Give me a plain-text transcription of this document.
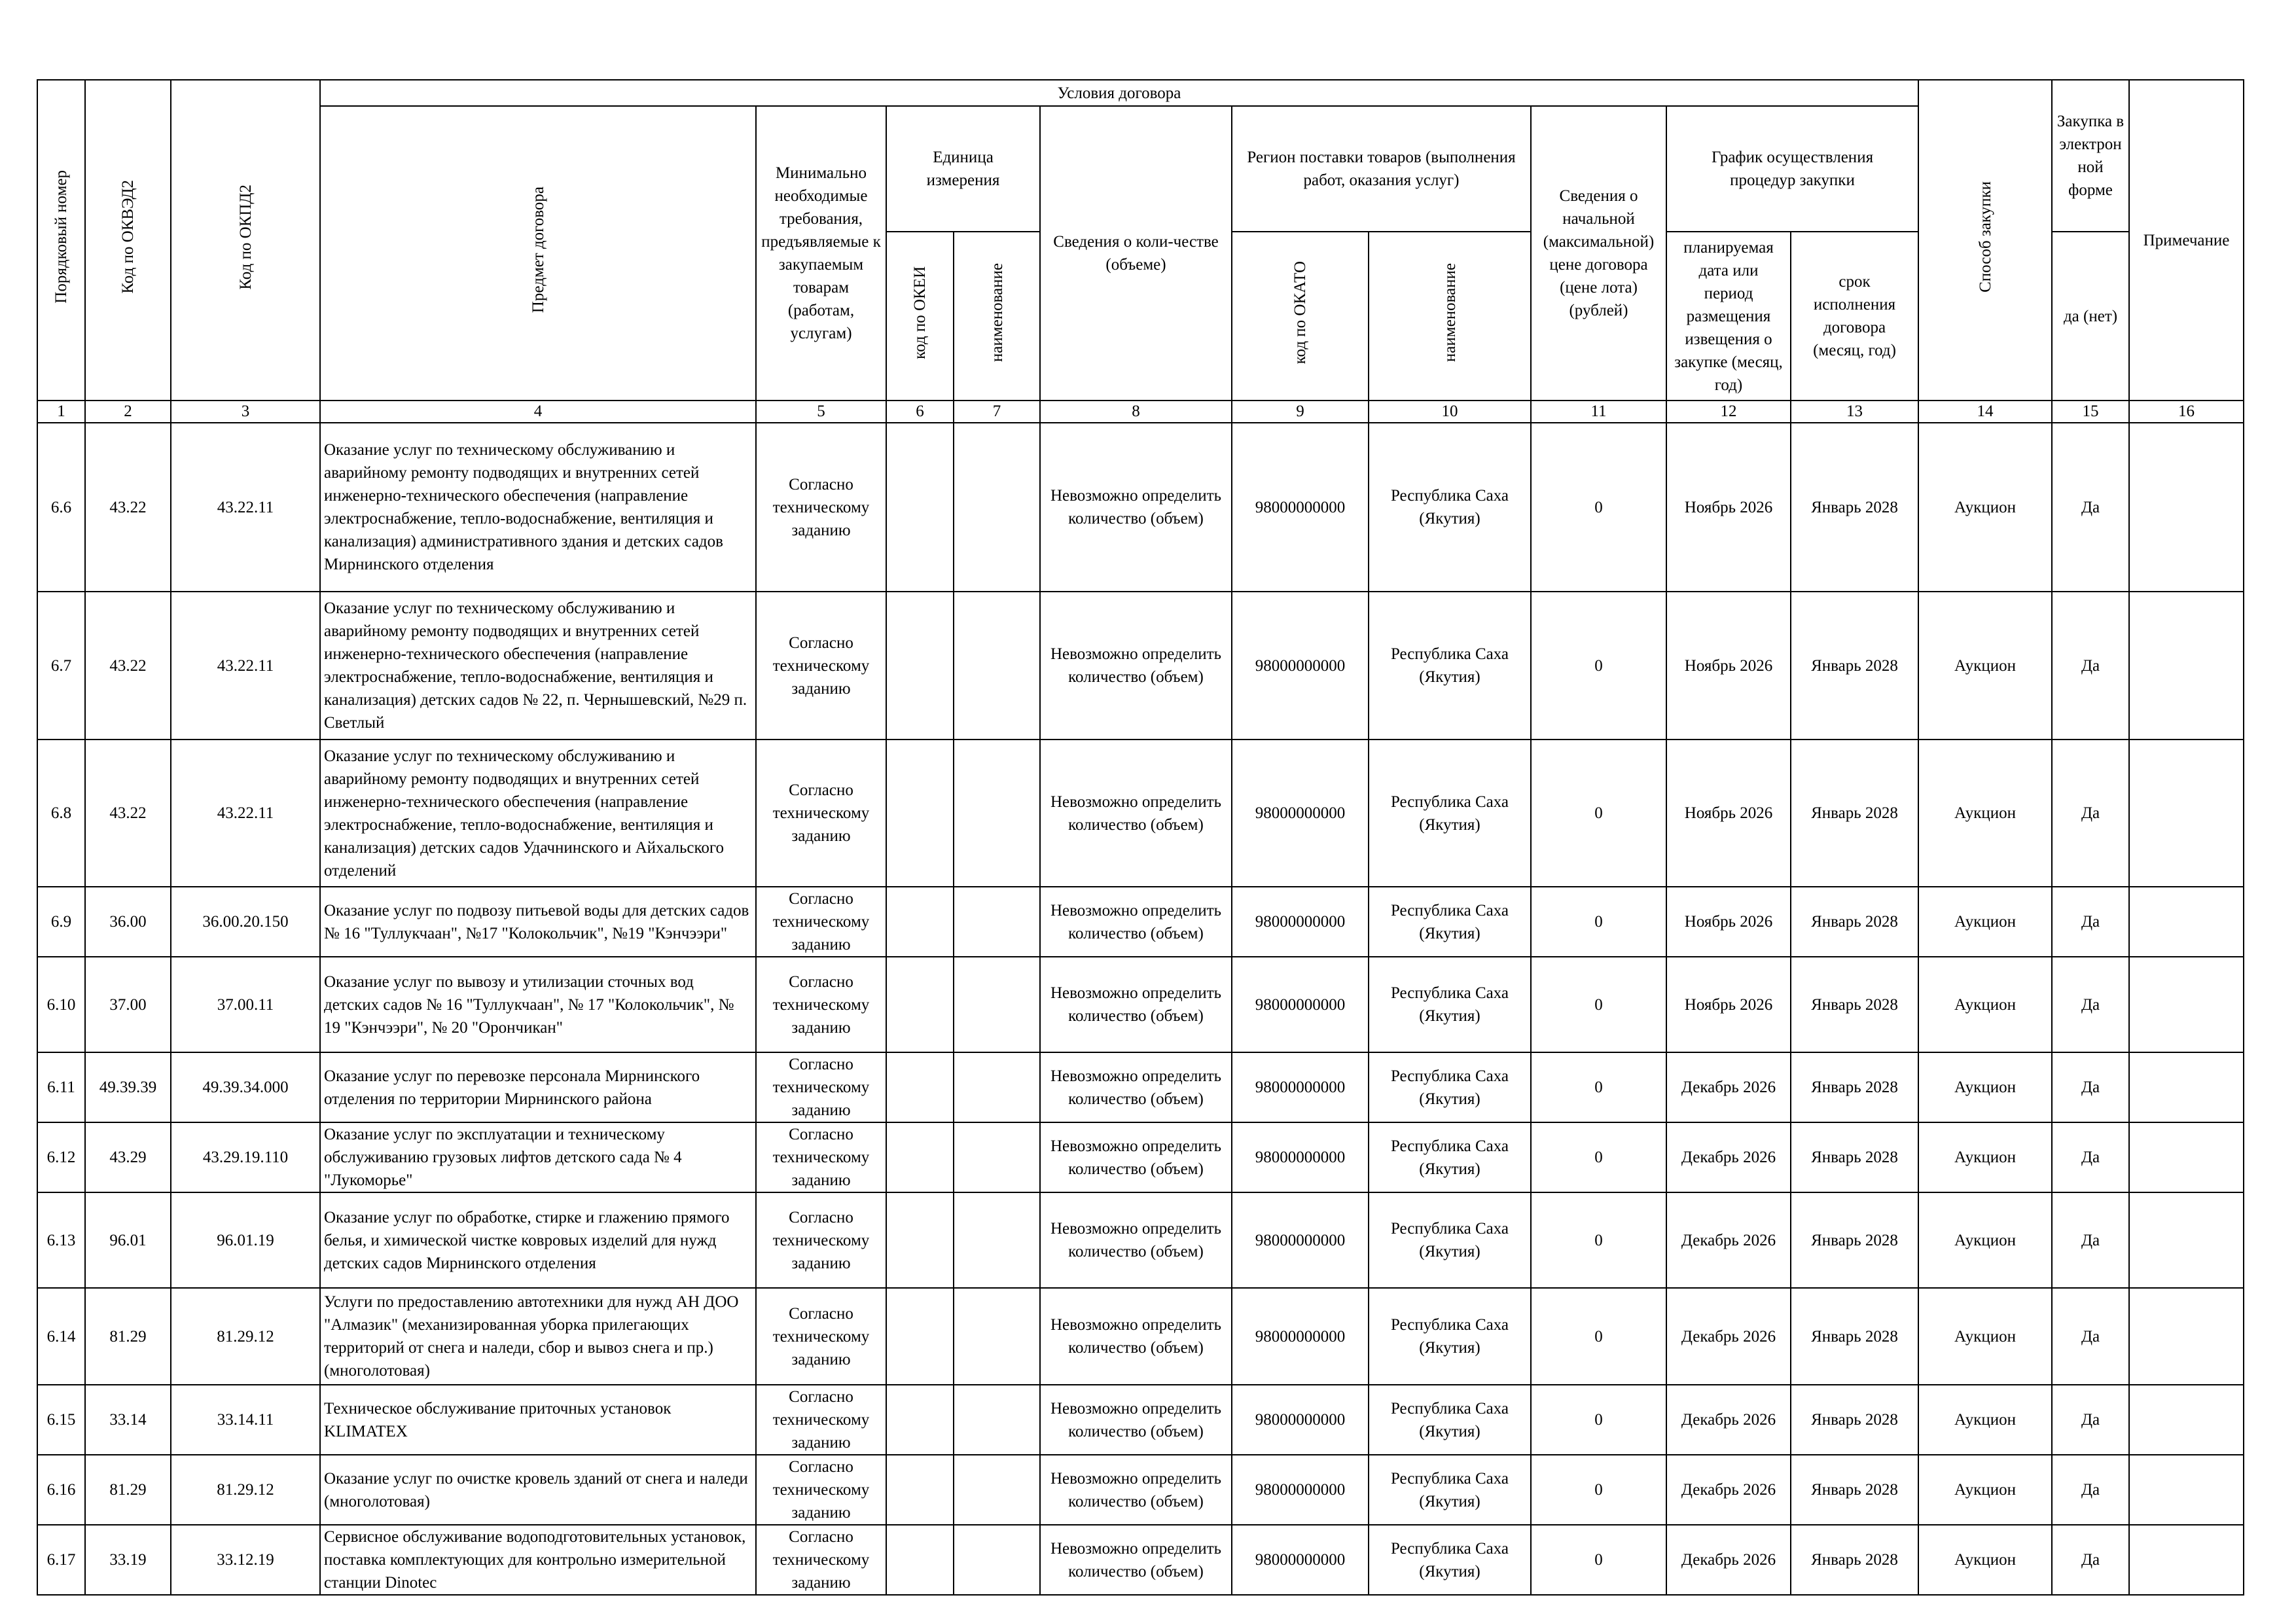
Порядковый номер	Код по ОКВЭД2	Код по ОКПД2	Условия договора										Способ закупки	Закупка в электрон ной форме	Примечание
			Предмет договора	Минимально необходимые требования, предъявляемые к закупаемым товарам (работам, услугам)	Единица измерения		Сведения о коли-честве (объеме)	Регион поставки товаров (выполнения работ, оказания услуг)		Сведения о начальной (максимальной) цене договора (цене лота) (рублей)	График осуществления процедур закупки				
					код по ОКЕИ	наименование		код по ОКАТО	наименование		планируемая дата или период размещения извещения о закупке (месяц, год)	срок исполнения договора (месяц, год)		да (нет)	
1	2	3	4	5	6	7	8	9	10	11	12	13	14	15	16
6.6	43.22	43.22.11	Оказание услуг по техническому обслуживанию и аварийному ремонту подводящих и внутренних сетей инженерно-технического обеспечения (направление электроснабжение, тепло-водоснабжение, вентиляция и канализация) административного здания и детских садов Мирнинского отделения	Согласно техническому заданию			Невозможно определить количество (объем)	98000000000	Республика Саха (Якутия)	0	Ноябрь 2026	Январь 2028	Аукцион	Да	
6.7	43.22	43.22.11	Оказание услуг по техническому обслуживанию и аварийному ремонту подводящих и внутренних сетей инженерно-технического обеспечения (направление электроснабжение, тепло-водоснабжение, вентиляция и канализация) детских садов № 22, п. Чернышевский, №29 п. Светлый	Согласно техническому заданию			Невозможно определить количество (объем)	98000000000	Республика Саха (Якутия)	0	Ноябрь 2026	Январь 2028	Аукцион	Да	
6.8	43.22	43.22.11	Оказание услуг по техническому обслуживанию и аварийному ремонту подводящих и внутренних сетей инженерно-технического обеспечения (направление электроснабжение, тепло-водоснабжение, вентиляция и канализация) детских садов Удачнинского и Айхальского отделений	Согласно техническому заданию			Невозможно определить количество (объем)	98000000000	Республика Саха (Якутия)	0	Ноябрь 2026	Январь 2028	Аукцион	Да	
6.9	36.00	36.00.20.150	Оказание услуг по подвозу питьевой воды для детских садов № 16 "Туллукчаан", №17 "Колокольчик", №19 "Кэнчээри"	Согласно техническому заданию			Невозможно определить количество (объем)	98000000000	Республика Саха (Якутия)	0	Ноябрь 2026	Январь 2028	Аукцион	Да	
6.10	37.00	37.00.11	Оказание услуг по вывозу и утилизации сточных вод детских садов № 16 "Туллукчаан", № 17 "Колокольчик", № 19 "Кэнчээри", № 20 "Орончикан"	Согласно техническому заданию			Невозможно определить количество (объем)	98000000000	Республика Саха (Якутия)	0	Ноябрь 2026	Январь 2028	Аукцион	Да	
6.11	49.39.39	49.39.34.000	Оказание услуг по перевозке персонала Мирнинского отделения по территории Мирнинского района	Согласно техническому заданию			Невозможно определить количество (объем)	98000000000	Республика Саха (Якутия)	0	Декабрь 2026	Январь 2028	Аукцион	Да	
6.12	43.29	43.29.19.110	Оказание услуг по эксплуатации и техническому обслуживанию грузовых лифтов детского сада № 4 "Лукоморье"	Согласно техническому заданию			Невозможно определить количество (объем)	98000000000	Республика Саха (Якутия)	0	Декабрь 2026	Январь 2028	Аукцион	Да	
6.13	96.01	96.01.19	Оказание услуг по обработке, стирке и глажению прямого белья, и химической чистке ковровых изделий для нужд детских садов Мирнинского отделения	Согласно техническому заданию			Невозможно определить количество (объем)	98000000000	Республика Саха (Якутия)	0	Декабрь 2026	Январь 2028	Аукцион	Да	
6.14	81.29	81.29.12	Услуги по предоставлению автотехники для нужд АН ДОО "Алмазик" (механизированная уборка прилегающих территорий от снега и наледи, сбор и вывоз снега и пр.) (многолотовая)	Согласно техническому заданию			Невозможно определить количество (объем)	98000000000	Республика Саха (Якутия)	0	Декабрь 2026	Январь 2028	Аукцион	Да	
6.15	33.14	33.14.11	Техническое обслуживание приточных установок KLIMATEX	Согласно техническому заданию			Невозможно определить количество (объем)	98000000000	Республика Саха (Якутия)	0	Декабрь 2026	Январь 2028	Аукцион	Да	
6.16	81.29	81.29.12	Оказание услуг по очистке кровель зданий от снега и наледи (многолотовая)	Согласно техническому заданию			Невозможно определить количество (объем)	98000000000	Республика Саха (Якутия)	0	Декабрь 2026	Январь 2028	Аукцион	Да	
6.17	33.19	33.12.19	Сервисное обслуживание водоподготовительных установок, поставка комплектующих для контрольно измерительной станции Dinotec	Согласно техническому заданию			Невозможно определить количество (объем)	98000000000	Республика Саха (Якутия)	0	Декабрь 2026	Январь 2028	Аукцион	Да	
